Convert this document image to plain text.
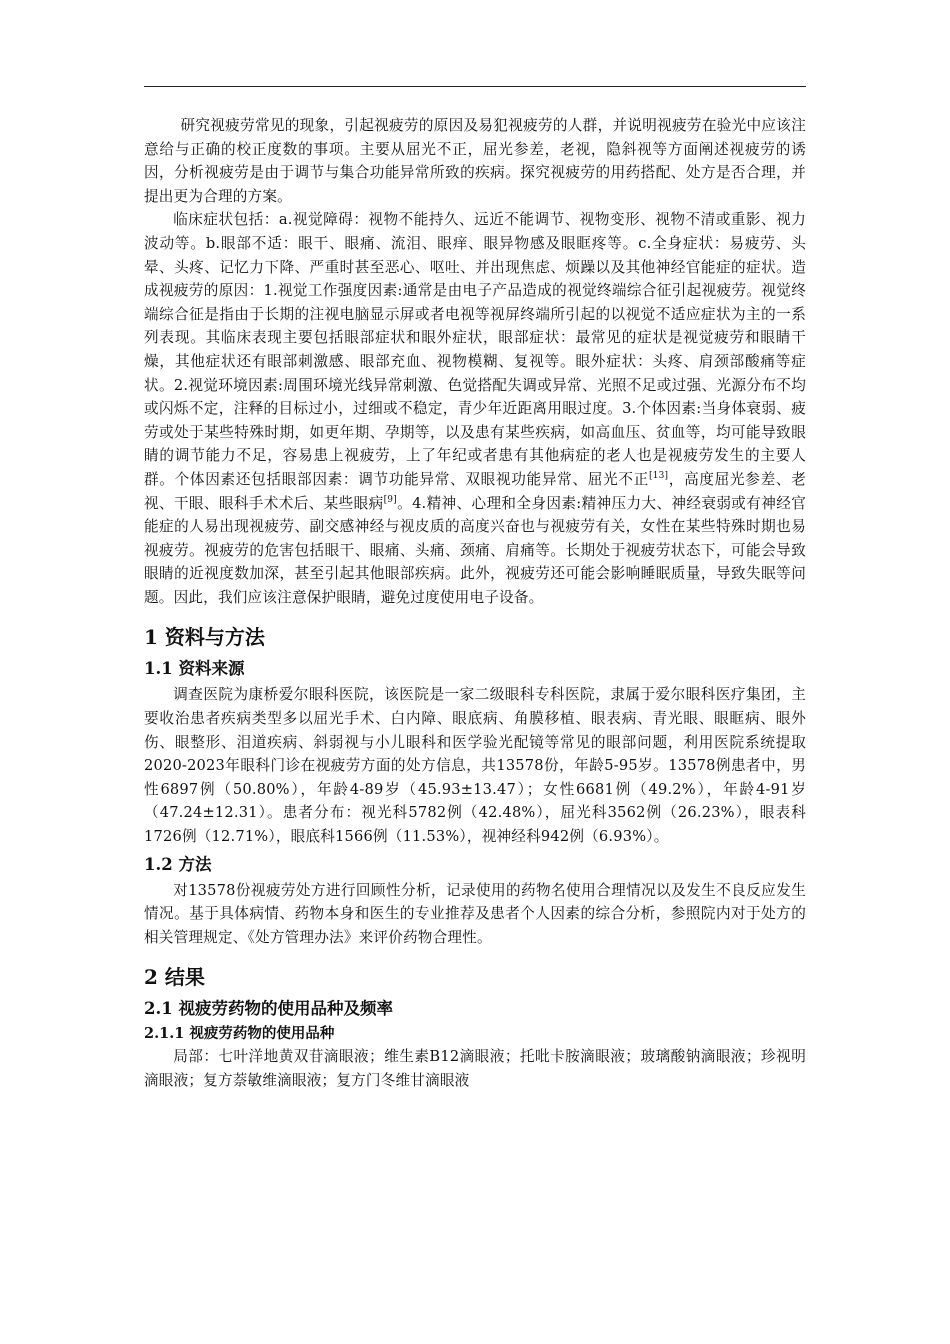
研究视疲劳常见的现象，引起视疲劳的原因及易犯视疲劳的人群，并说明视疲劳在验光中应该注意给与正确的校正度数的事项。主要从屈光不正，屈光参差，老视，隐斜视等方面阐述视疲劳的诱因，分析视疲劳是由于调节与集合功能异常所致的疾病。探究视疲劳的用药搭配、处方是否合理，并提出更为合理的方案。

临床症状包括：a.视觉障碍：视物不能持久、远近不能调节、视物变形、视物不清或重影、视力波动等。b.眼部不适：眼干、眼痛、流泪、眼痒、眼异物感及眼眶疼等。c.全身症状：易疲劳、头晕、头疼、记忆力下降、严重时甚至恶心、呕吐、并出现焦虑、烦躁以及其他神经官能症的症状。造成视疲劳的原因：1.视觉工作强度因素:通常是由电子产品造成的视觉终端综合征引起视疲劳。视觉终端综合征是指由于长期的注视电脑显示屏或者电视等视屏终端所引起的以视觉不适应症状为主的一系列表现。其临床表现主要包括眼部症状和眼外症状，眼部症状：最常见的症状是视觉疲劳和眼睛干燥，其他症状还有眼部刺激感、眼部充血、视物模糊、复视等。眼外症状：头疼、肩颈部酸痛等症状。2.视觉环境因素:周围环境光线异常刺激、色觉搭配失调或异常、光照不足或过强、光源分布不均或闪烁不定，注释的目标过小，过细或不稳定，青少年近距离用眼过度。3.个体因素:当身体衰弱、疲劳或处于某些特殊时期，如更年期、孕期等，以及患有某些疾病，如高血压、贫血等，均可能导致眼睛的调节能力不足，容易患上视疲劳，上了年纪或者患有其他病症的老人也是视疲劳发生的主要人群。个体因素还包括眼部因素：调节功能异常、双眼视功能异常、屈光不正[13]，高度屈光参差、老视、干眼、眼科手术术后、某些眼病[9]。4.精神、心理和全身因素:精神压力大、神经衰弱或有神经官能症的人易出现视疲劳、副交感神经与视皮质的高度兴奋也与视疲劳有关，女性在某些特殊时期也易视疲劳。视疲劳的危害包括眼干、眼痛、头痛、颈痛、肩痛等。长期处于视疲劳状态下，可能会导致眼睛的近视度数加深，甚至引起其他眼部疾病。此外，视疲劳还可能会影响睡眠质量，导致失眠等问题。因此，我们应该注意保护眼睛，避免过度使用电子设备。

1 资料与方法
1.1 资料来源

调查医院为康桥爱尔眼科医院，该医院是一家二级眼科专科医院，隶属于爱尔眼科医疗集团，主要收治患者疾病类型多以屈光手术、白内障、眼底病、角膜移植、眼表病、青光眼、眼眶病、眼外伤、眼整形、泪道疾病、斜弱视与小儿眼科和医学验光配镜等常见的眼部问题，利用医院系统提取2020-2023年眼科门诊在视疲劳方面的处方信息，共13578份，年龄5-95岁。13578例患者中，男性6897例（50.80%），年龄4-89岁（45.93±13.47）；女性6681例（49.2%），年龄4-91岁（47.24±12.31）。患者分布：视光科5782例（42.48%），屈光科3562例（26.23%），眼表科1726例（12.71%），眼底科1566例（11.53%），视神经科942例（6.93%）。

1.2 方法

对13578份视疲劳处方进行回顾性分析，记录使用的药物名使用合理情况以及发生不良反应发生情况。基于具体病情、药物本身和医生的专业推荐及患者个人因素的综合分析，参照院内对于处方的相关管理规定、《处方管理办法》来评价药物合理性。

2 结果
2.1 视疲劳药物的使用品种及频率
2.1.1 视疲劳药物的使用品种

局部：七叶洋地黄双苷滴眼液；维生素B12滴眼液；托吡卡胺滴眼液；玻璃酸钠滴眼液；珍视明滴眼液；复方萘敏维滴眼液；复方门冬维甘滴眼液
